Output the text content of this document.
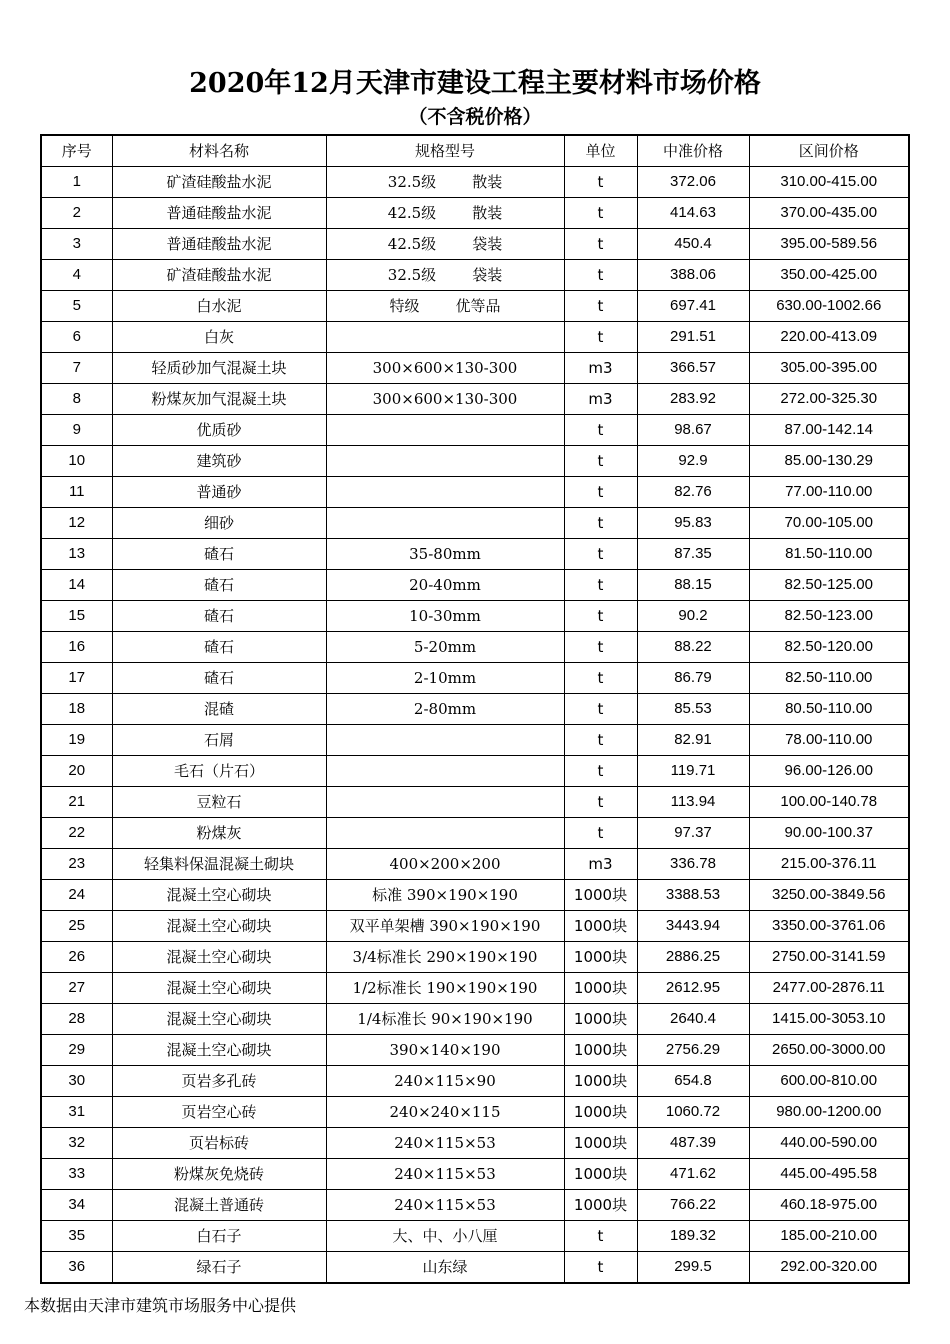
2020年12月天津市建设工程主要材料市场价格
（不含税价格）
序号	材料名称	规格型号	单位	中准价格	区间价格
1	矿渣硅酸盐水泥	32.5级 散装	t	372.06	310.00-415.00
2	普通硅酸盐水泥	42.5级 散装	t	414.63	370.00-435.00
3	普通硅酸盐水泥	42.5级 袋装	t	450.4	395.00-589.56
4	矿渣硅酸盐水泥	32.5级 袋装	t	388.06	350.00-425.00
5	白水泥	特级 优等品	t	697.41	630.00-1002.66
6	白灰		t	291.51	220.00-413.09
7	轻质砂加气混凝土块	300×600×130-300	m3	366.57	305.00-395.00
8	粉煤灰加气混凝土块	300×600×130-300	m3	283.92	272.00-325.30
9	优质砂		t	98.67	87.00-142.14
10	建筑砂		t	92.9	85.00-130.29
11	普通砂		t	82.76	77.00-110.00
12	细砂		t	95.83	70.00-105.00
13	碴石	35-80mm	t	87.35	81.50-110.00
14	碴石	20-40mm	t	88.15	82.50-125.00
15	碴石	10-30mm	t	90.2	82.50-123.00
16	碴石	5-20mm	t	88.22	82.50-120.00
17	碴石	2-10mm	t	86.79	82.50-110.00
18	混碴	2-80mm	t	85.53	80.50-110.00
19	石屑		t	82.91	78.00-110.00
20	毛石（片石）		t	119.71	96.00-126.00
21	豆粒石		t	113.94	100.00-140.78
22	粉煤灰		t	97.37	90.00-100.37
23	轻集料保温混凝土砌块	400×200×200	m3	336.78	215.00-376.11
24	混凝土空心砌块	标准 390×190×190	1000块	3388.53	3250.00-3849.56
25	混凝土空心砌块	双平单架槽 390×190×190	1000块	3443.94	3350.00-3761.06
26	混凝土空心砌块	3/4标准长 290×190×190	1000块	2886.25	2750.00-3141.59
27	混凝土空心砌块	1/2标准长 190×190×190	1000块	2612.95	2477.00-2876.11
28	混凝土空心砌块	1/4标准长 90×190×190	1000块	2640.4	1415.00-3053.10
29	混凝土空心砌块	390×140×190	1000块	2756.29	2650.00-3000.00
30	页岩多孔砖	240×115×90	1000块	654.8	600.00-810.00
31	页岩空心砖	240×240×115	1000块	1060.72	980.00-1200.00
32	页岩标砖	240×115×53	1000块	487.39	440.00-590.00
33	粉煤灰免烧砖	240×115×53	1000块	471.62	445.00-495.58
34	混凝土普通砖	240×115×53	1000块	766.22	460.18-975.00
35	白石子	大、中、小八厘	t	189.32	185.00-210.00
36	绿石子	山东绿	t	299.5	292.00-320.00
本数据由天津市建筑市场服务中心提供
